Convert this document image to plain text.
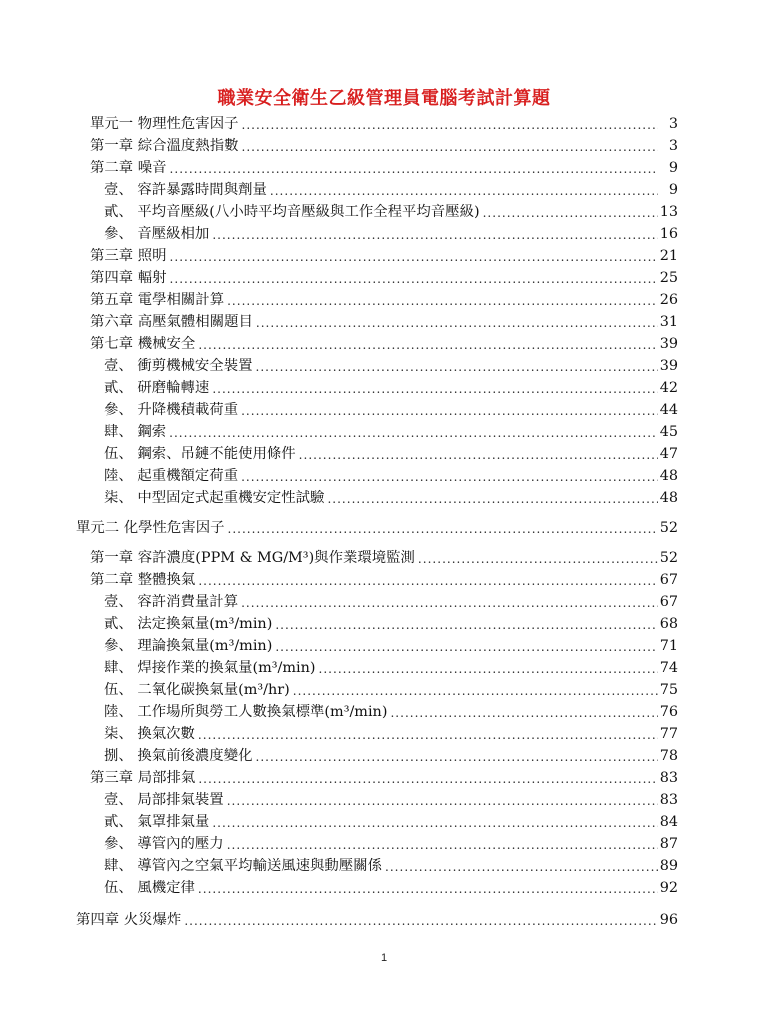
職業安全衛生乙級管理員電腦考試計算題
單元一 物理性危害因子 . . .	3
第一章 綜合溫度熱指數 . . .	3
第二章 噪音 . . .	9
壹、 容許暴露時間與劑量 . . .	9
貳、 平均音壓級(八小時平均音壓級與工作全程平均音壓級) . . .	13
參、 音壓級相加 . . .	16
第三章 照明 . . .	21
第四章 輻射 . . .	25
第五章 電學相關計算 . . .	26
第六章 高壓氣體相關題目 . . .	31
第七章 機械安全 . . .	39
壹、 衝剪機械安全裝置 . . .	39
貳、 研磨輪轉速 . . .	42
參、 升降機積載荷重 . . .	44
肆、 鋼索 . . .	45
伍、 鋼索、吊鏈不能使用條件 . . .	47
陸、 起重機額定荷重 . . .	48
柒、 中型固定式起重機安定性試驗 . . .	48
單元二 化學性危害因子 . . .	52
第一章 容許濃度(PPM & MG/M³)與作業環境監測 . . .	52
第二章 整體換氣 . . .	67
壹、 容許消費量計算 . . .	67
貳、 法定換氣量(m³/min) . . .	68
參、 理論換氣量(m³/min) . . .	71
肆、 焊接作業的換氣量(m³/min) . . .	74
伍、 二氧化碳換氣量(m³/hr) . . .	75
陸、 工作場所與勞工人數換氣標準(m³/min) . . .	76
柒、 換氣次數 . . .	77
捌、 換氣前後濃度變化 . . .	78
第三章 局部排氣 . . .	83
壹、 局部排氣裝置 . . .	83
貳、 氣罩排氣量 . . .	84
參、 導管內的壓力 . . .	87
肆、 導管內之空氣平均輸送風速與動壓關係 . . .	89
伍、 風機定律 . . .	92
第四章 火災爆炸 . . .	96
1
